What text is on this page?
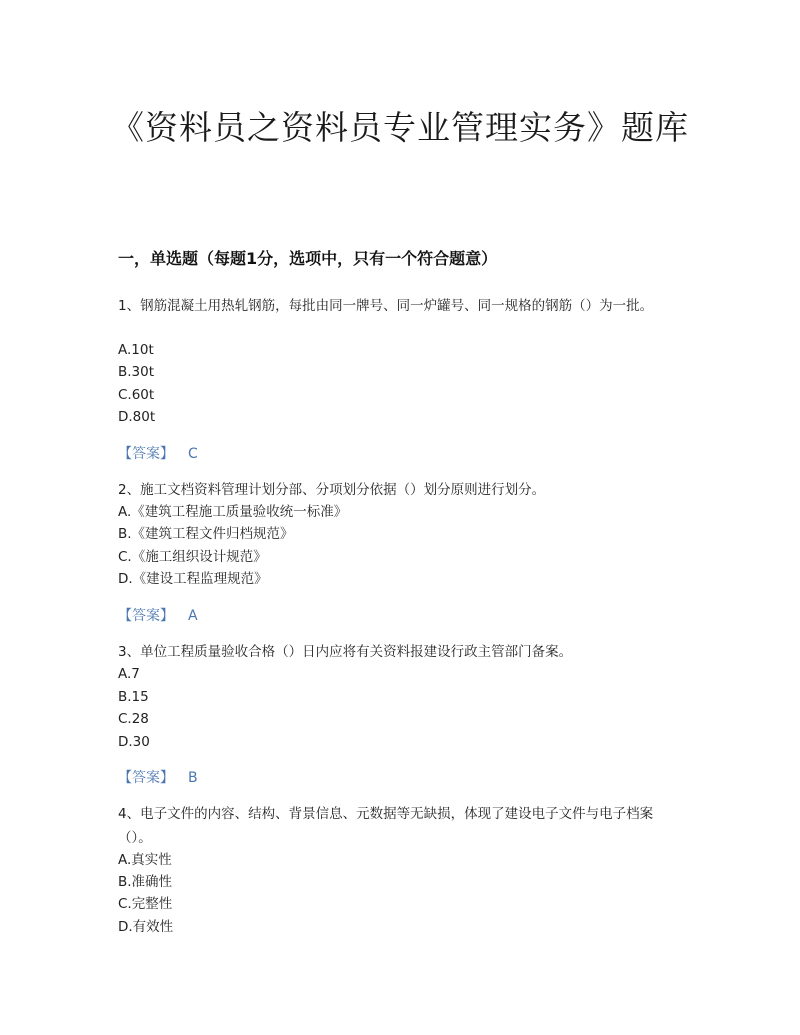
《资料员之资料员专业管理实务》题库
一，单选题（每题1分，选项中，只有一个符合题意）
1、钢筋混凝土用热轧钢筋，每批由同一牌号、同一炉罐号、同一规格的钢筋（）为一批。
A.10t
B.30t
C.60t
D.80t
【答案】 C
2、施工文档资料管理计划分部、分项划分依据（）划分原则进行划分。
A.《建筑工程施工质量验收统一标准》
B.《建筑工程文件归档规范》
C.《施工组织设计规范》
D.《建设工程监理规范》
【答案】 A
3、单位工程质量验收合格（）日内应将有关资料报建设行政主管部门备案。
A.7
B.15
C.28
D.30
【答案】 B
4、电子文件的内容、结构、背景信息、元数据等无缺损，体现了建设电子文件与电子档案（）。
A.真实性
B.准确性
C.完整性
D.有效性
